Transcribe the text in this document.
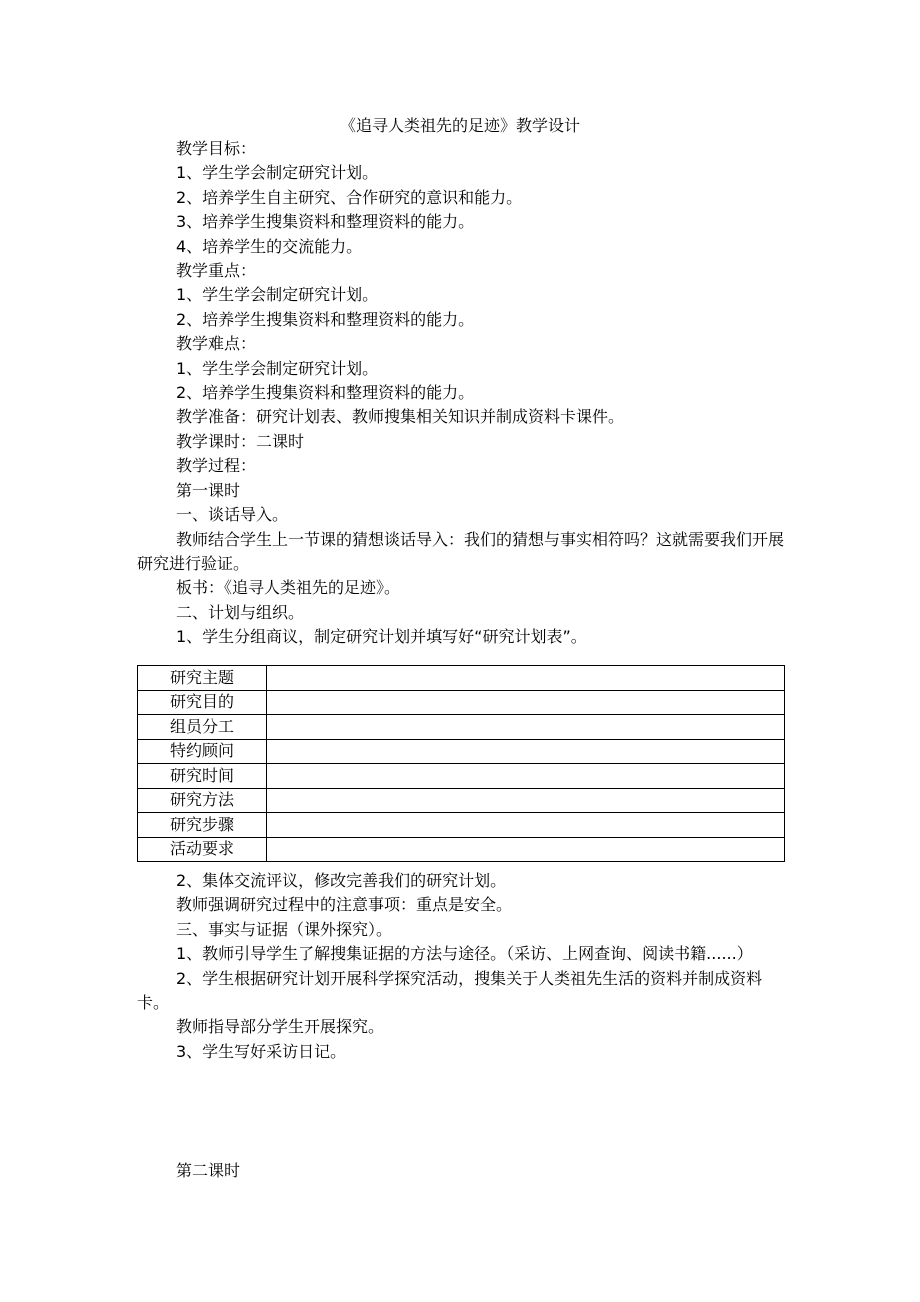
《追寻人类祖先的足迹》教学设计
教学目标：
1、学生学会制定研究计划。
2、培养学生自主研究、合作研究的意识和能力。
3、培养学生搜集资料和整理资料的能力。
4、培养学生的交流能力。
教学重点：
1、学生学会制定研究计划。
2、培养学生搜集资料和整理资料的能力。
教学难点：
1、学生学会制定研究计划。
2、培养学生搜集资料和整理资料的能力。
教学准备：研究计划表、教师搜集相关知识并制成资料卡课件。
教学课时：二课时
教学过程：
第一课时
一、谈话导入。
教师结合学生上一节课的猜想谈话导入：我们的猜想与事实相符吗？这就需要我们开展研究进行验证。
板书：《追寻人类祖先的足迹》。
二、计划与组织。
1、学生分组商议，制定研究计划并填写好“研究计划表”。
研究主题	
研究目的	
组员分工	
特约顾问	
研究时间	
研究方法	
研究步骤	
活动要求	
2、集体交流评议，修改完善我们的研究计划。
教师强调研究过程中的注意事项：重点是安全。
三、事实与证据（课外探究）。
1、教师引导学生了解搜集证据的方法与途径。（采访、上网查询、阅读书籍......）
2、学生根据研究计划开展科学探究活动，搜集关于人类祖先生活的资料并制成资料卡。
教师指导部分学生开展探究。
3、学生写好采访日记。
第二课时
